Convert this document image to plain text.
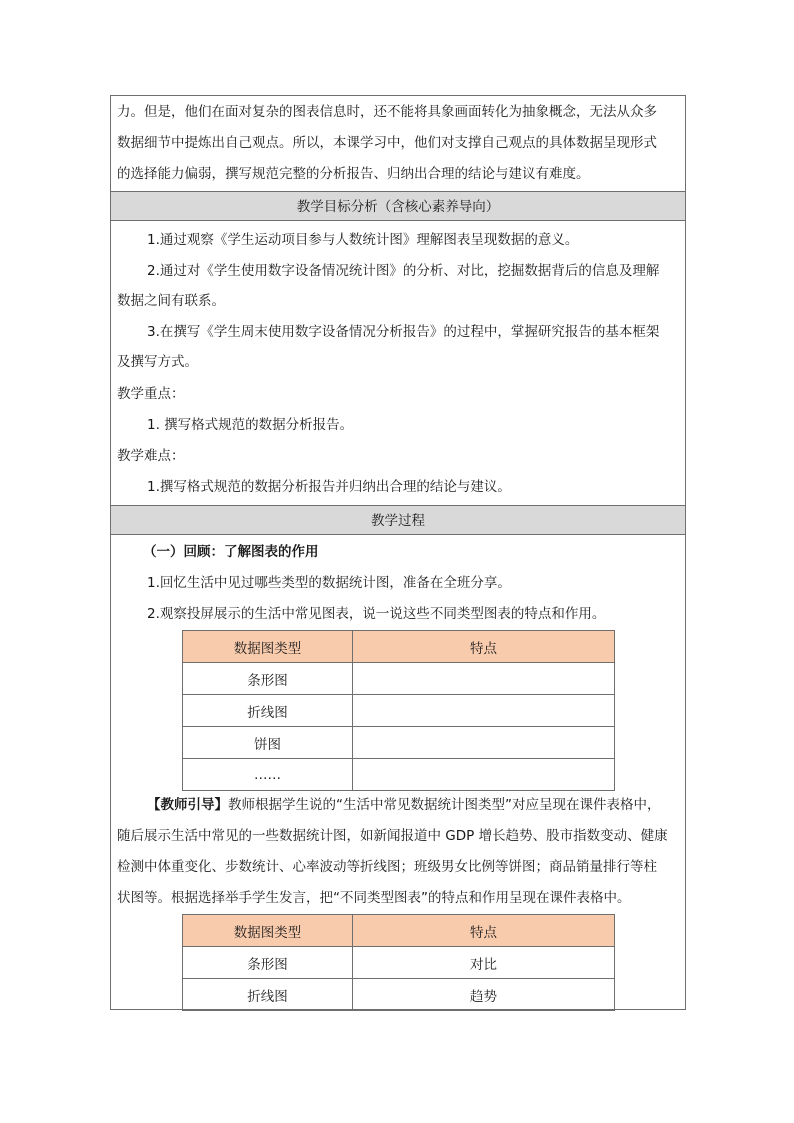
力。但是，他们在面对复杂的图表信息时，还不能将具象画面转化为抽象概念，无法从众多
数据细节中提炼出自己观点。所以，本课学习中，他们对支撑自己观点的具体数据呈现形式
的选择能力偏弱，撰写规范完整的分析报告、归纳出合理的结论与建议有难度。
教学目标分析（含核心素养导向）
1.通过观察《学生运动项目参与人数统计图》理解图表呈现数据的意义。
2.通过对《学生使用数字设备情况统计图》的分析、对比，挖掘数据背后的信息及理解
数据之间有联系。
3.在撰写《学生周末使用数字设备情况分析报告》的过程中，掌握研究报告的基本框架
及撰写方式。
教学重点：
1. 撰写格式规范的数据分析报告。
教学难点：
1.撰写格式规范的数据分析报告并归纳出合理的结论与建议。
教学过程
（一）回顾：了解图表的作用
1.回忆生活中见过哪些类型的数据统计图，准备在全班分享。
2.观察投屏展示的生活中常见图表，说一说这些不同类型图表的特点和作用。
【教师引导】教师根据学生说的“生活中常见数据统计图类型”对应呈现在课件表格中，
随后展示生活中常见的一些数据统计图，如新闻报道中 GDP 增长趋势、股市指数变动、健康
检测中体重变化、步数统计、心率波动等折线图；班级男女比例等饼图；商品销量排行等柱
状图等。根据选择举手学生发言，把“不同类型图表”的特点和作用呈现在课件表格中。
数据图类型	特点
条形图	
折线图	
饼图	
……	
数据图类型	特点
条形图	对比
折线图	趋势
